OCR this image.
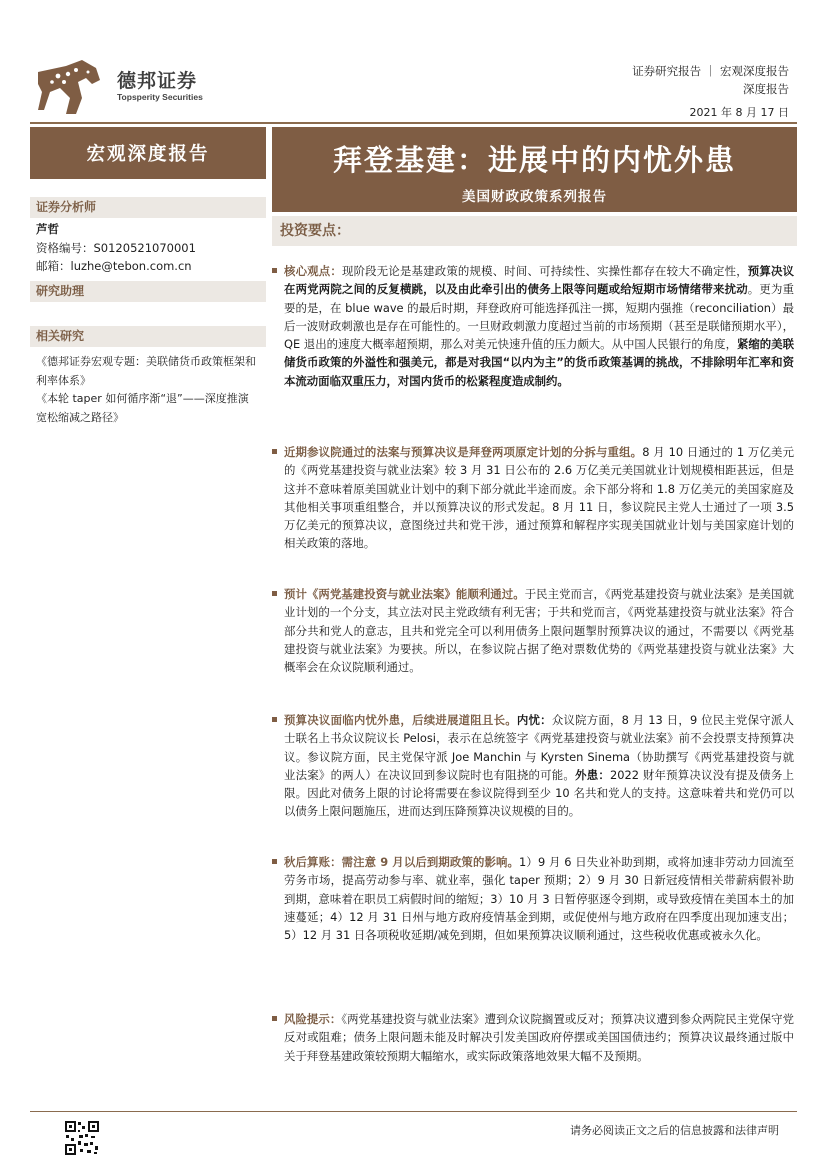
德邦证券
Topsperity Securities
证券研究报告 ｜ 宏观深度报告
深度报告
2021 年 8 月 17 日
宏观深度报告	拜登基建：进展中的内忧外患
美国财政政策系列报告
证券分析师
芦哲
资格编号：S0120521070001
邮箱：luzhe@tebon.com.cn
研究助理
相关研究
《德邦证券宏观专题：美联储货币政策框架和利率体系》
《本轮 taper 如何循序渐“退”——深度推演宽松缩减之路径》
投资要点：
核心观点：现阶段无论是基建政策的规模、时间、可持续性、实操性都存在较大不确定性，预算决议在两党两院之间的反复横跳，以及由此牵引出的债务上限等问题或给短期市场情绪带来扰动。更为重要的是，在 blue wave 的最后时期，拜登政府可能选择孤注一掷，短期内强推（reconciliation）最后一波财政刺激也是存在可能性的。一旦财政刺激力度超过当前的市场预期（甚至是联储预期水平），QE 退出的速度大概率超预期，那么对美元快速升值的压力颇大。从中国人民银行的角度，紧缩的美联储货币政策的外溢性和强美元，都是对我国“以内为主”的货币政策基调的挑战，不排除明年汇率和资本流动面临双重压力，对国内货币的松紧程度造成制约。
近期参议院通过的法案与预算决议是拜登两项原定计划的分拆与重组。8 月 10 日通过的 1 万亿美元的《两党基建投资与就业法案》较 3 月 31 日公布的 2.6 万亿美元美国就业计划规模相距甚远，但是这并不意味着原美国就业计划中的剩下部分就此半途而废。余下部分将和 1.8 万亿美元的美国家庭及其他相关事项重组整合，并以预算决议的形式发起。8 月 11 日，参议院民主党人士通过了一项 3.5 万亿美元的预算决议，意图绕过共和党干涉，通过预算和解程序实现美国就业计划与美国家庭计划的相关政策的落地。
预计《两党基建投资与就业法案》能顺利通过。于民主党而言，《两党基建投资与就业法案》是美国就业计划的一个分支，其立法对民主党政绩有利无害；于共和党而言，《两党基建投资与就业法案》符合部分共和党人的意志，且共和党完全可以利用债务上限问题掣肘预算决议的通过，不需要以《两党基建投资与就业法案》为要挟。所以，在参议院占据了绝对票数优势的《两党基建投资与就业法案》大概率会在众议院顺利通过。
预算决议面临内忧外患，后续进展道阻且长。内忧：众议院方面，8 月 13 日，9 位民主党保守派人士联名上书众议院议长 Pelosi，表示在总统签字《两党基建投资与就业法案》前不会投票支持预算决议。参议院方面，民主党保守派 Joe Manchin 与 Kyrsten Sinema（协助撰写《两党基建投资与就业法案》的两人）在决议回到参议院时也有阻挠的可能。外患：2022 财年预算决议没有提及债务上限。因此对债务上限的讨论将需要在参议院得到至少 10 名共和党人的支持。这意味着共和党仍可以以债务上限问题施压，进而达到压降预算决议规模的目的。
秋后算账：需注意 9 月以后到期政策的影响。1）9 月 6 日失业补助到期，或将加速非劳动力回流至劳务市场，提高劳动参与率、就业率，强化 taper 预期；2）9 月 30 日新冠疫情相关带薪病假补助到期，意味着在职员工病假时间的缩短；3）10 月 3 日暂停驱逐令到期，或导致疫情在美国本土的加速蔓延；4）12 月 31 日州与地方政府疫情基金到期，或促使州与地方政府在四季度出现加速支出；5）12 月 31 日各项税收延期/减免到期，但如果预算决议顺利通过，这些税收优惠或被永久化。
风险提示：《两党基建投资与就业法案》遭到众议院搁置或反对；预算决议遭到参众两院民主党保守党反对或阻难；债务上限问题未能及时解决引发美国政府停摆或美国国债违约；预算决议最终通过版中关于拜登基建政策较预期大幅缩水，或实际政策落地效果大幅不及预期。
请务必阅读正文之后的信息披露和法律声明
